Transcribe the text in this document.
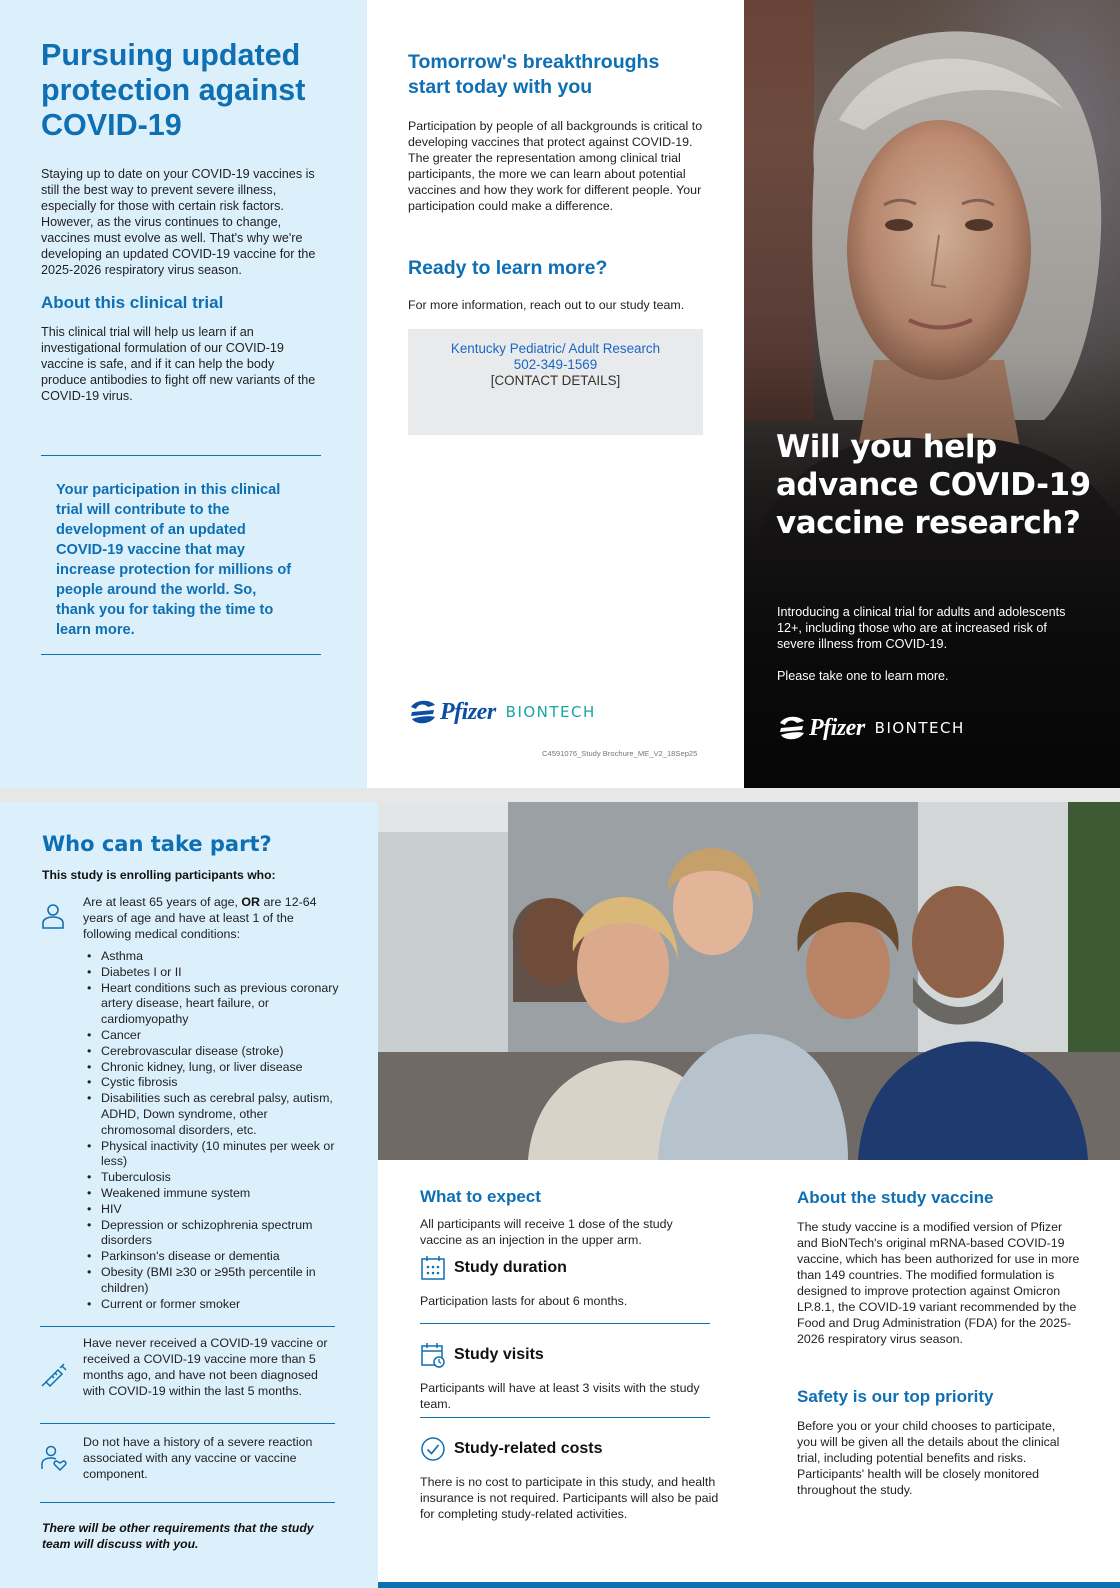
Pursuing updated protection against COVID-19

Staying up to date on your COVID-19 vaccines is still the best way to prevent severe illness, especially for those with certain risk factors. However, as the virus continues to change, vaccines must evolve as well. That's why we're developing an updated COVID-19 vaccine for the 2025-2026 respiratory virus season.

About this clinical trial

This clinical trial will help us learn if an investigational formulation of our COVID-19 vaccine is safe, and if it can help the body produce antibodies to fight off new variants of the COVID-19 virus.

Your participation in this clinical trial will contribute to the development of an updated COVID-19 vaccine that may increase protection for millions of people around the world. So, thank you for taking the time to learn more.

Tomorrow's breakthroughs start today with you

Participation by people of all backgrounds is critical to developing vaccines that protect against COVID-19. The greater the representation among clinical trial participants, the more we can learn about potential vaccines and how they work for different people. Your participation could make a difference.

Ready to learn more?

For more information, reach out to our study team.

Kentucky Pediatric/ Adult Research
502-349-1569
[CONTACT DETAILS]
Pfizer BIONTECH
C4591076_Study Brochure_ME_V2_18Sep25
Will you help advance COVID-19 vaccine research?

Introducing a clinical trial for adults and adolescents 12+, including those who are at increased risk of severe illness from COVID-19.

Please take one to learn more.

Pfizer BIONTECH
Who can take part?

This study is enrolling participants who:

Are at least 65 years of age, OR are 12-64 years of age and have at least 1 of the following medical conditions:

• Asthma
• Diabetes I or II
• Heart conditions such as previous coronary artery disease, heart failure, or cardiomyopathy
• Cancer
• Cerebrovascular disease (stroke)
• Chronic kidney, lung, or liver disease
• Cystic fibrosis
• Disabilities such as cerebral palsy, autism, ADHD, Down syndrome, other chromosomal disorders, etc.
• Physical inactivity (10 minutes per week or less)
• Tuberculosis
• Weakened immune system
• HIV
• Depression or schizophrenia spectrum disorders
• Parkinson's disease or dementia
• Obesity (BMI ≥30 or ≥95th percentile in children)
• Current or former smoker

Have never received a COVID-19 vaccine or received a COVID-19 vaccine more than 5 months ago, and have not been diagnosed with COVID-19 within the last 5 months.

Do not have a history of a severe reaction associated with any vaccine or vaccine component.

There will be other requirements that the study team will discuss with you.

What to expect

All participants will receive 1 dose of the study vaccine as an injection in the upper arm.

Study duration

Participation lasts for about 6 months.

Study visits

Participants will have at least 3 visits with the study team.

Study-related costs

There is no cost to participate in this study, and health insurance is not required. Participants will also be paid for completing study-related activities.

About the study vaccine

The study vaccine is a modified version of Pfizer and BioNTech's original mRNA-based COVID-19 vaccine, which has been authorized for use in more than 149 countries. The modified formulation is designed to improve protection against Omicron LP.8.1, the COVID-19 variant recommended by the Food and Drug Administration (FDA) for the 2025-2026 respiratory virus season.

Safety is our top priority

Before you or your child chooses to participate, you will be given all the details about the clinical trial, including potential benefits and risks. Participants' health will be closely monitored throughout the study.
